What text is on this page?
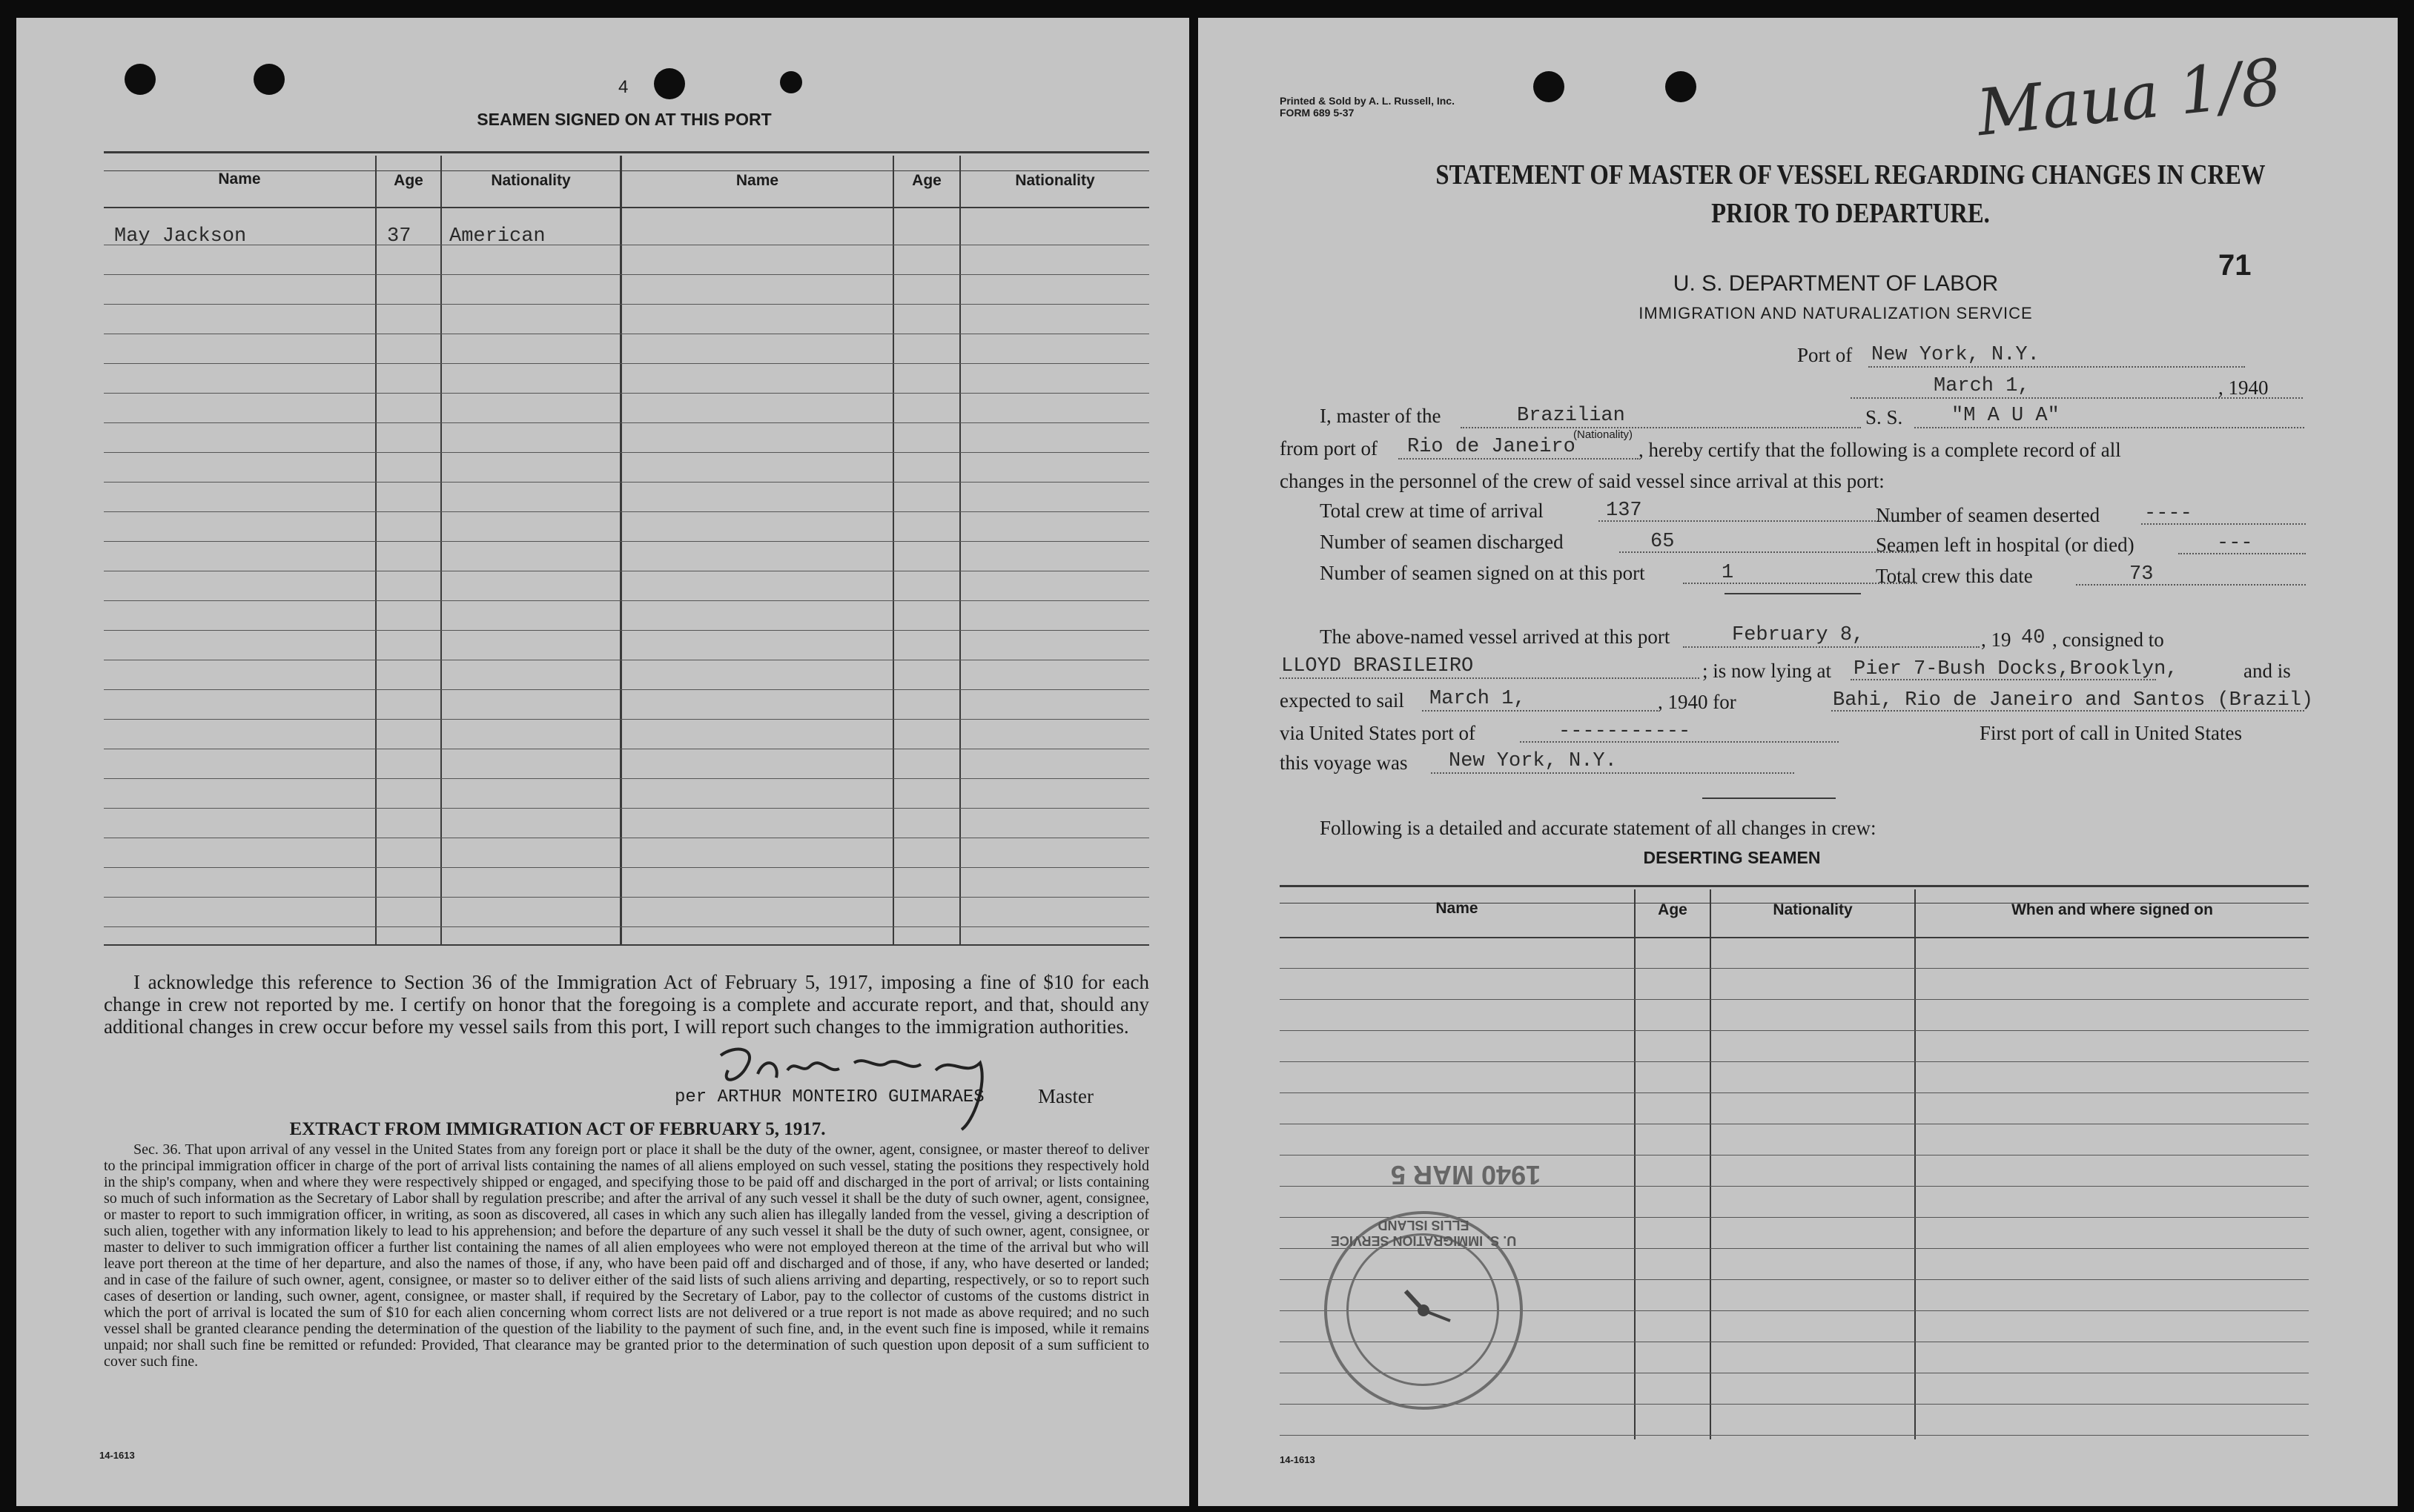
4
SEAMEN SIGNED ON AT THIS PORT
Name	Age	Nationality	Name	Age	Nationality
May Jackson	37 American
I acknowledge this reference to Section 36 of the Immigration Act of February 5, 1917, imposing a fine of $10 for each change in crew not reported by me. I certify on honor that the foregoing is a complete and accurate report, and that, should any additional changes in crew occur before my vessel sails from this port, I will report such changes to the immigration authorities.
per ARTHUR MONTEIRO GUIMARAES	Master
EXTRACT FROM IMMIGRATION ACT OF FEBRUARY 5, 1917.
Sec. 36. That upon arrival of any vessel in the United States from any foreign port or place it shall be the duty of the owner, agent, consignee, or master thereof to deliver to the principal immigration officer in charge of the port of arrival lists containing the names of all aliens employed on such vessel, stating the positions they respectively hold in the ship's company, when and where they were respectively shipped or engaged, and specifying those to be paid off and discharged in the port of arrival; or lists containing so much of such information as the Secretary of Labor shall by regulation prescribe; and after the arrival of any such vessel it shall be the duty of such owner, agent, consignee, or master to report to such immigration officer, in writing, as soon as discovered, all cases in which any such alien has illegally landed from the vessel, giving a description of such alien, together with any information likely to lead to his apprehension; and before the departure of any such vessel it shall be the duty of such owner, agent, consignee, or master to deliver to such immigration officer a further list containing the names of all alien employees who were not employed thereon at the time of the arrival but who will leave port thereon at the time of her departure, and also the names of those, if any, who have been paid off and discharged and of those, if any, who have deserted or landed; and in case of the failure of such owner, agent, consignee, or master so to deliver either of the said lists of such aliens arriving and departing, respectively, or so to report such cases of desertion or landing, such owner, agent, consignee, or master shall, if required by the Secretary of Labor, pay to the collector of customs of the customs district in which the port of arrival is located the sum of $10 for each alien concerning whom correct lists are not delivered or a true report is not made as above required; and no such vessel shall be granted clearance pending the determination of the question of the liability to the payment of such fine, and, in the event such fine is imposed, while it remains unpaid; nor shall such fine be remitted or refunded: Provided, That clearance may be granted prior to the determination of such question upon deposit of a sum sufficient to cover such fine.
14-1613
Printed & Sold by A. L. Russell, Inc.
FORM 689 5-37	Maua 1/8
STATEMENT OF MASTER OF VESSEL REGARDING CHANGES IN CREW
PRIOR TO DEPARTURE.
71
U. S. DEPARTMENT OF LABOR
IMMIGRATION AND NATURALIZATION SERVICE
Port of New York, N.Y.
March 1,	, 1940
I, master of the	Brazilian	S. S. "M A U A"
from port of Rio de Janeiro
(Nationality)
, hereby certify that the following is a complete record of all
changes in the personnel of the crew of said vessel since arrival at this port:
Total crew at time of arrival	137	Number of seamen deserted ----
Number of seamen discharged	65	Seamen left in hospital (or died)	---
Number of seamen signed on at this port	1	Total crew this date	73
The above-named vessel arrived at this port	February 8,	, 19 40 , consigned to
LLOYD BRASILEIRO	; is now lying at Pier 7-Bush Docks,Brooklyn,	and is
expected to sail March 1,	, 1940 for	Bahi, Rio de Janeiro and Santos (Brazil)
via United States port of	-----------	First port of call in United States
this voyage was New York, N.Y.
Following is a detailed and accurate statement of all changes in crew:
DESERTING SEAMEN
Name	Age	Nationality	When and where signed on
U. S. IMMIGRATION SERVICE ELLIS ISLAND
1940 MAR 5
14-1613
